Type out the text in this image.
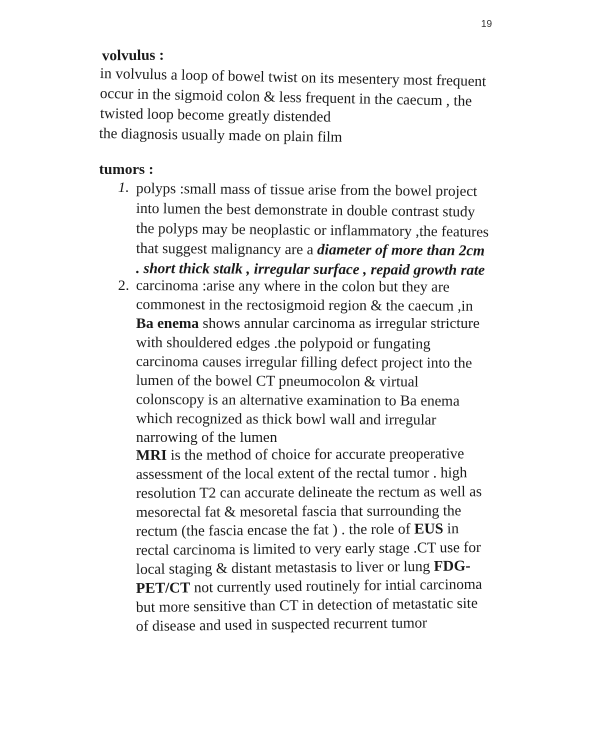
19
volvulus :
in volvulus a loop of bowel twist on its mesentery most frequent
occur in the sigmoid colon & less frequent in the caecum , the
twisted loop become greatly distended
the diagnosis usually made on plain film
tumors :
1. polyps :small mass of tissue arise from the bowel project
into lumen the best demonstrate in double contrast study
the polyps may be neoplastic or inflammatory ,the features
that suggest malignancy are a diameter of more than 2cm
. short thick stalk , irregular surface , repaid growth rate
2. carcinoma :arise any where in the colon but they are
commonest in the rectosigmoid region & the caecum ,in
Ba enema shows annular carcinoma as irregular stricture
with shouldered edges .the polypoid or fungating
carcinoma causes irregular filling defect project into the
lumen of the bowel CT pneumocolon & virtual
colonscopy is an alternative examination to Ba enema
which recognized as thick bowl wall and irregular
narrowing of the lumen
MRI is the method of choice for accurate preoperative
assessment of the local extent of the rectal tumor . high
resolution T2 can accurate delineate the rectum as well as
mesorectal fat & mesoretal fascia that surrounding the
rectum (the fascia encase the fat ) . the role of EUS in
rectal carcinoma is limited to very early stage .CT use for
local staging & distant metastasis to liver or lung FDG-
PET/CT not currently used routinely for intial carcinoma
but more sensitive than CT in detection of metastatic site
of disease and used in suspected recurrent tumor
